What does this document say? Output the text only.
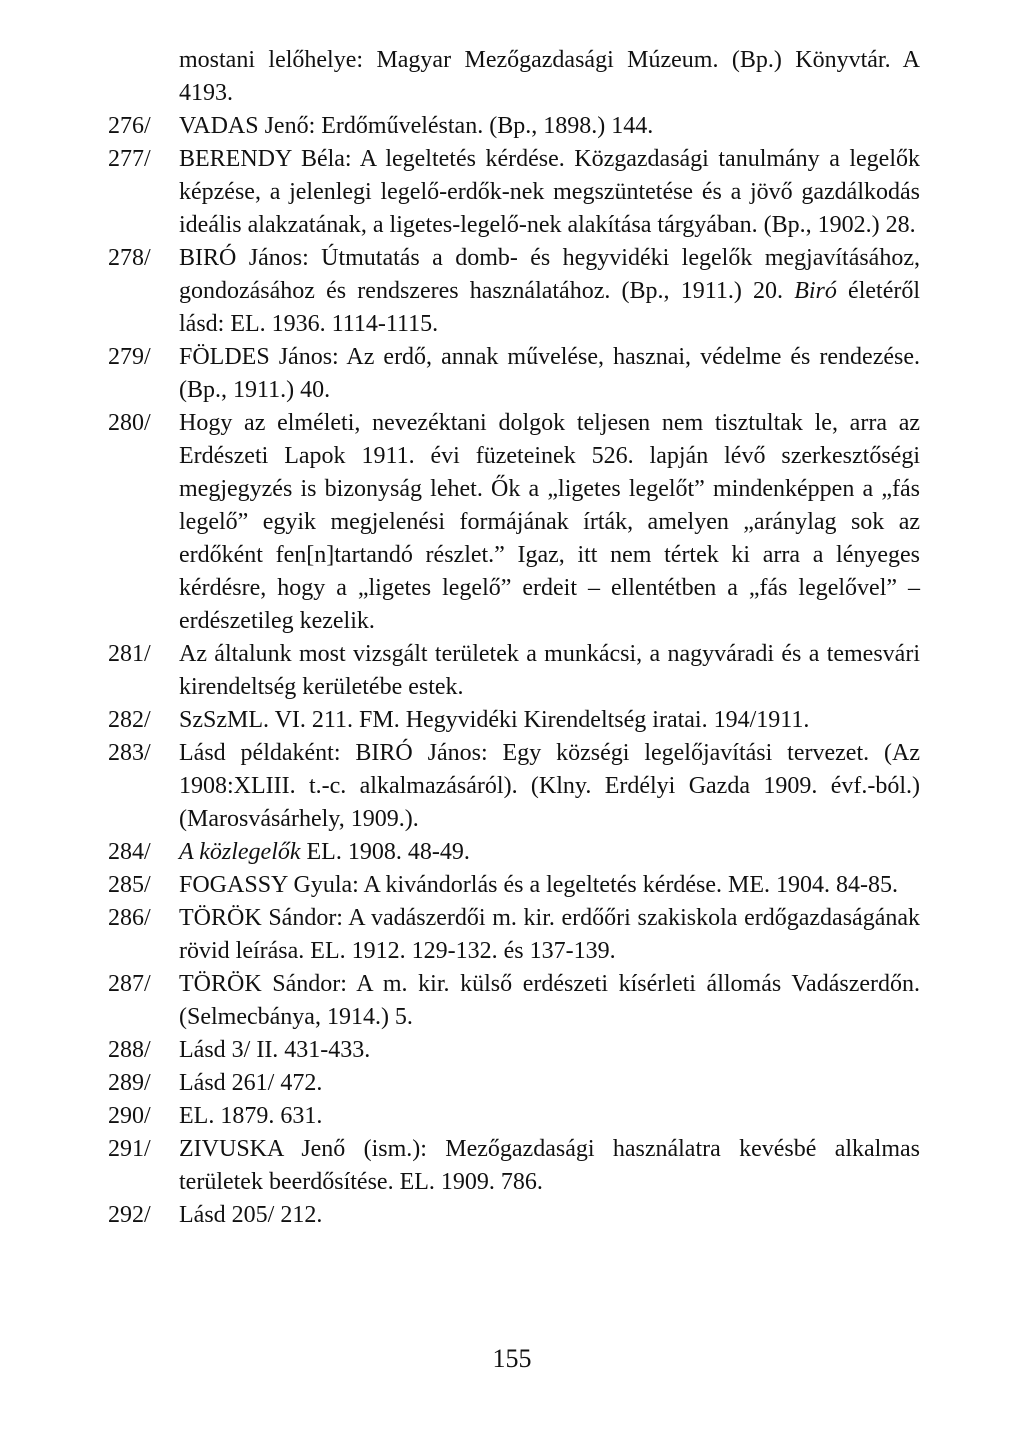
mostani lelőhelye: Magyar Mezőgazdasági Múzeum. (Bp.) Könyvtár. A 4193.
276/	VADAS Jenő: Erdőműveléstan. (Bp., 1898.) 144.
277/	BERENDY Béla: A legeltetés kérdése. Közgazdasági tanulmány a legelők képzése, a jelenlegi legelő-erdők-nek megszüntetése és a jövő gazdálkodás ideális alakzatának, a ligetes-legelő-nek alakítása tárgyában. (Bp., 1902.) 28.
278/	BIRÓ János: Útmutatás a domb- és hegyvidéki legelők megjavításához, gondozásához és rendszeres használatához. (Bp., 1911.) 20. Biró életéről lásd: EL. 1936. 1114-1115.
279/	FÖLDES János: Az erdő, annak művelése, hasznai, védelme és rendezése. (Bp., 1911.) 40.
280/	Hogy az elméleti, nevezéktani dolgok teljesen nem tisztultak le, arra az Erdészeti Lapok 1911. évi füzeteinek 526. lapján lévő szerkesztőségi megjegyzés is bizonyság lehet. Ők a „ligetes legelőt” mindenképpen a „fás legelő” egyik megjelenési formájának írták, amelyen „aránylag sok az erdőként fen[n]tartandó részlet.” Igaz, itt nem tértek ki arra a lényeges kérdésre, hogy a „ligetes legelő” erdeit – ellentétben a „fás legelővel” – erdészetileg kezelik.
281/	Az általunk most vizsgált területek a munkácsi, a nagyváradi és a temesvári kirendeltség kerületébe estek.
282/	SzSzML. VI. 211. FM. Hegyvidéki Kirendeltség iratai. 194/1911.
283/	Lásd példaként: BIRÓ János: Egy községi legelőjavítási tervezet. (Az 1908:XLIII. t.-c. alkalmazásáról). (Klny. Erdélyi Gazda 1909. évf.-ból.) (Marosvásárhely, 1909.).
284/	A közlegelők EL. 1908. 48-49.
285/	FOGASSY Gyula: A kivándorlás és a legeltetés kérdése. ME. 1904. 84-85.
286/	TÖRÖK Sándor: A vadászerdői m. kir. erdőőri szakiskola erdőgazdaságának rövid leírása. EL. 1912. 129-132. és 137-139.
287/	TÖRÖK Sándor: A m. kir. külső erdészeti kísérleti állomás Vadászerdőn. (Selmecbánya, 1914.) 5.
288/	Lásd 3/ II. 431-433.
289/	Lásd 261/ 472.
290/	EL. 1879. 631.
291/	ZIVUSKA Jenő (ism.): Mezőgazdasági használatra kevésbé alkalmas területek beerdősítése. EL. 1909. 786.
292/	Lásd 205/ 212.
155
